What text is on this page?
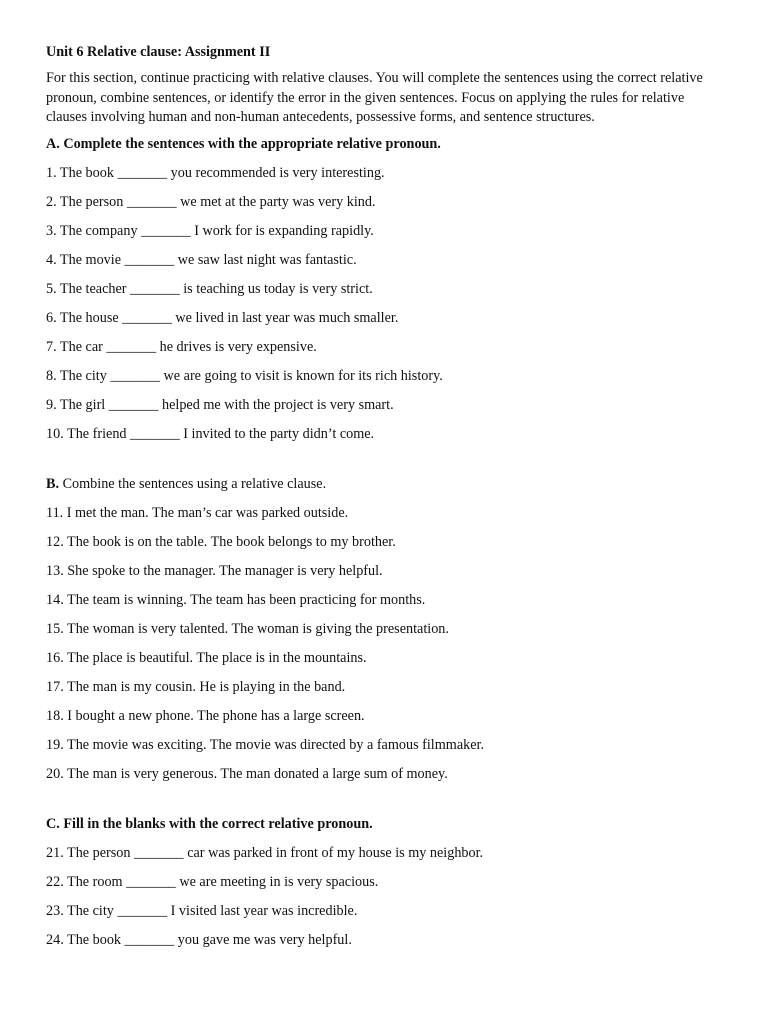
Unit 6 Relative clause: Assignment II

For this section, continue practicing with relative clauses. You will complete the sentences using the correct relative pronoun, combine sentences, or identify the error in the given sentences. Focus on applying the rules for relative clauses involving human and non-human antecedents, possessive forms, and sentence structures.

A. Complete the sentences with the appropriate relative pronoun.

1. The book _______ you recommended is very interesting.

2. The person _______ we met at the party was very kind.

3. The company _______ I work for is expanding rapidly.

4. The movie _______ we saw last night was fantastic.

5. The teacher _______ is teaching us today is very strict.

6. The house _______ we lived in last year was much smaller.

7. The car _______ he drives is very expensive.

8. The city _______ we are going to visit is known for its rich history.

9. The girl _______ helped me with the project is very smart.

10. The friend _______ I invited to the party didn’t come.

B. Combine the sentences using a relative clause.

11. I met the man. The man’s car was parked outside.

12. The book is on the table. The book belongs to my brother.

13. She spoke to the manager. The manager is very helpful.

14. The team is winning. The team has been practicing for months.

15. The woman is very talented. The woman is giving the presentation.

16. The place is beautiful. The place is in the mountains.

17. The man is my cousin. He is playing in the band.

18. I bought a new phone. The phone has a large screen.

19. The movie was exciting. The movie was directed by a famous filmmaker.

20. The man is very generous. The man donated a large sum of money.

C. Fill in the blanks with the correct relative pronoun.

21. The person _______ car was parked in front of my house is my neighbor.

22. The room _______ we are meeting in is very spacious.

23. The city _______ I visited last year was incredible.

24. The book _______ you gave me was very helpful.
